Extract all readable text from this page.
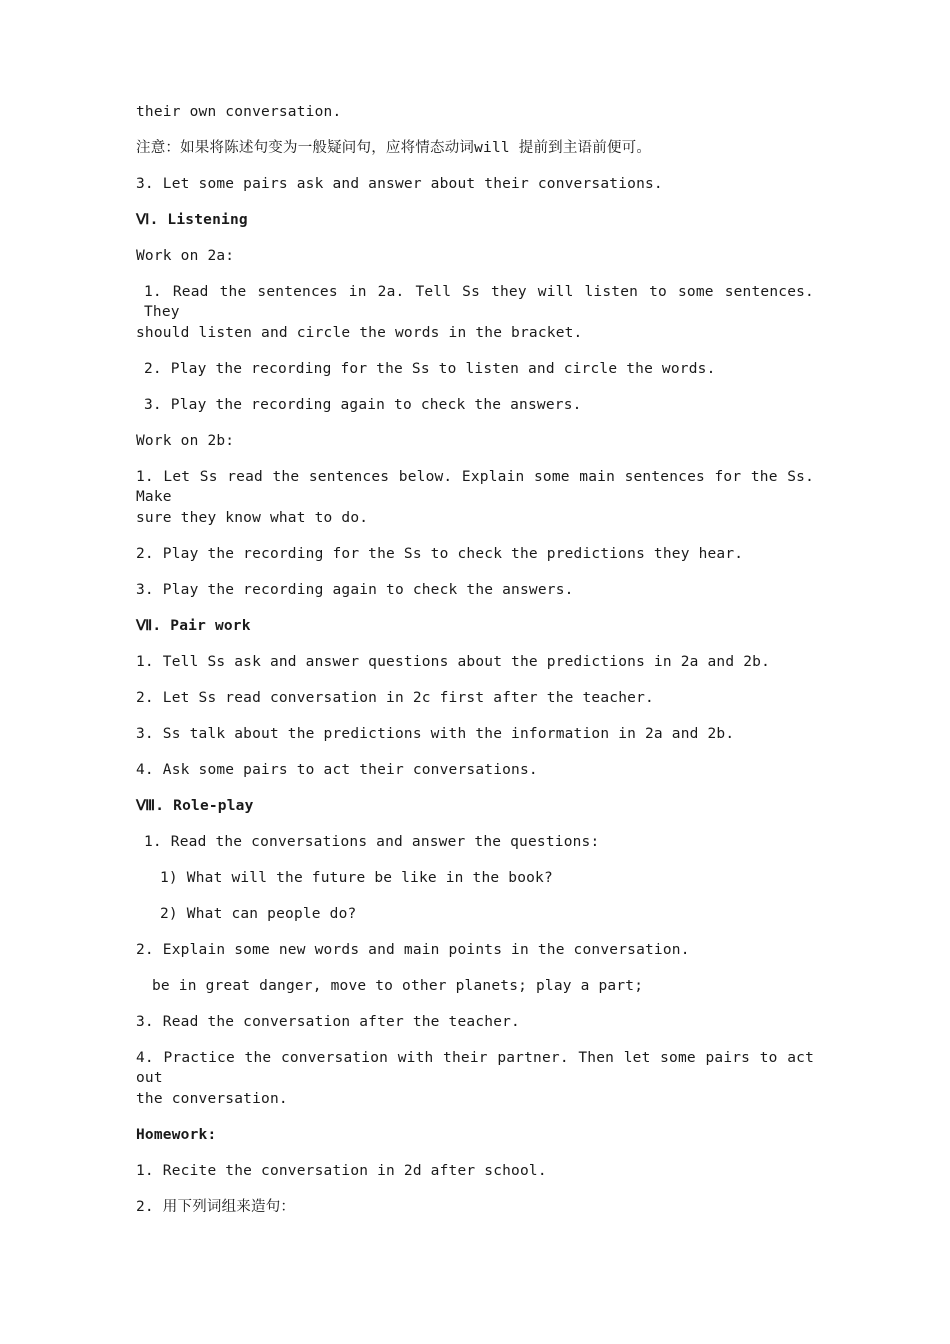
their own conversation.
注意：如果将陈述句变为一般疑问句，应将情态动词will 提前到主语前便可。
3. Let some pairs ask and answer about their conversations.
Ⅵ. Listening
Work on 2a:
1. Read the sentences in 2a. Tell Ss they will listen to some sentences. They
should listen and circle the words in the bracket.
2. Play the recording for the Ss to listen and circle the words.
3. Play the recording again to check the answers.
Work on 2b:
1. Let Ss read the sentences below. Explain some main sentences for the Ss. Make
sure they know what to do.
2. Play the recording for the Ss to check the predictions they hear.
3. Play the recording again to check the answers.
Ⅶ. Pair work
1. Tell Ss ask and answer questions about the predictions in 2a and 2b.
2. Let Ss read conversation in 2c first after the teacher.
3. Ss talk about the predictions with the information in 2a and 2b.
4. Ask some pairs to act their conversations.
Ⅷ. Role-play
1. Read the conversations and answer the questions:
1) What will the future be like in the book?
2) What can people do?
2. Explain some new words and main points in the conversation.
be in great danger, move to other planets; play a part;
3. Read the conversation after the teacher.
4. Practice the conversation with their partner. Then let some pairs to act out
the conversation.
Homework:
1. Recite the conversation in 2d after school.
2. 用下列词组来造句：
